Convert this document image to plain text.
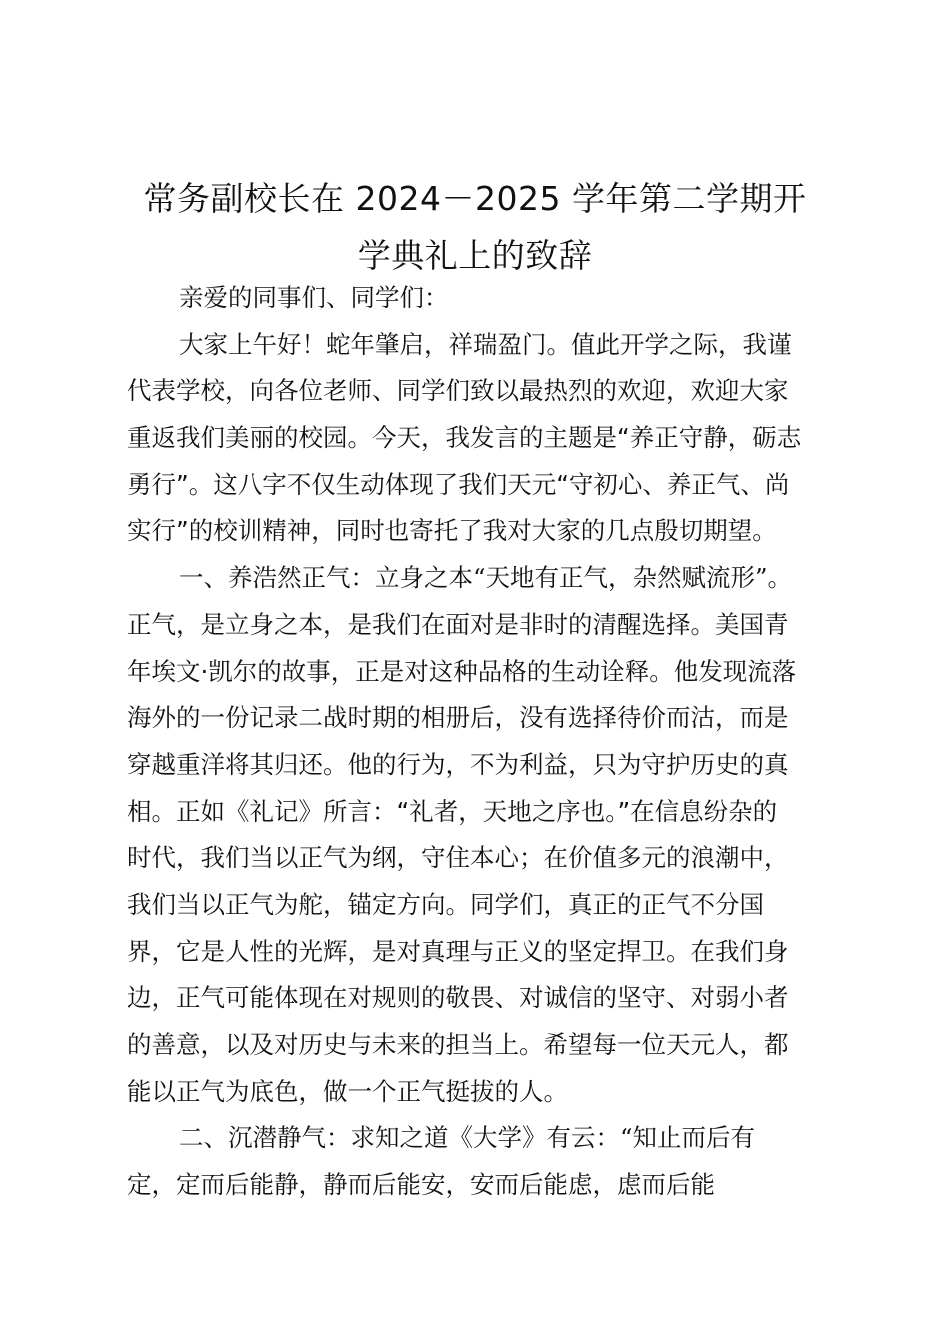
常务副校长在 2024－2025 学年第二学期开
学典礼上的致辞
亲爱的同事们、同学们：
大家上午好！蛇年肇启，祥瑞盈门。值此开学之际，我谨
代表学校，向各位老师、同学们致以最热烈的欢迎，欢迎大家
重返我们美丽的校园。今天，我发言的主题是“养正守静，砺志
勇行”。这八字不仅生动体现了我们天元“守初心、养正气、尚
实行”的校训精神，同时也寄托了我对大家的几点殷切期望。
一、养浩然正气：立身之本“天地有正气，杂然赋流形”。
正气，是立身之本，是我们在面对是非时的清醒选择。美国青
年埃文·凯尔的故事，正是对这种品格的生动诠释。他发现流落
海外的一份记录二战时期的相册后，没有选择待价而沽，而是
穿越重洋将其归还。他的行为，不为利益，只为守护历史的真
相。正如《礼记》所言：“礼者，天地之序也。”在信息纷杂的
时代，我们当以正气为纲，守住本心；在价值多元的浪潮中，
我们当以正气为舵，锚定方向。同学们，真正的正气不分国
界，它是人性的光辉，是对真理与正义的坚定捍卫。在我们身
边，正气可能体现在对规则的敬畏、对诚信的坚守、对弱小者
的善意，以及对历史与未来的担当上。希望每一位天元人，都
能以正气为底色，做一个正气挺拔的人。
二、沉潜静气：求知之道《大学》有云：“知止而后有
定，定而后能静，静而后能安，安而后能虑，虑而后能
